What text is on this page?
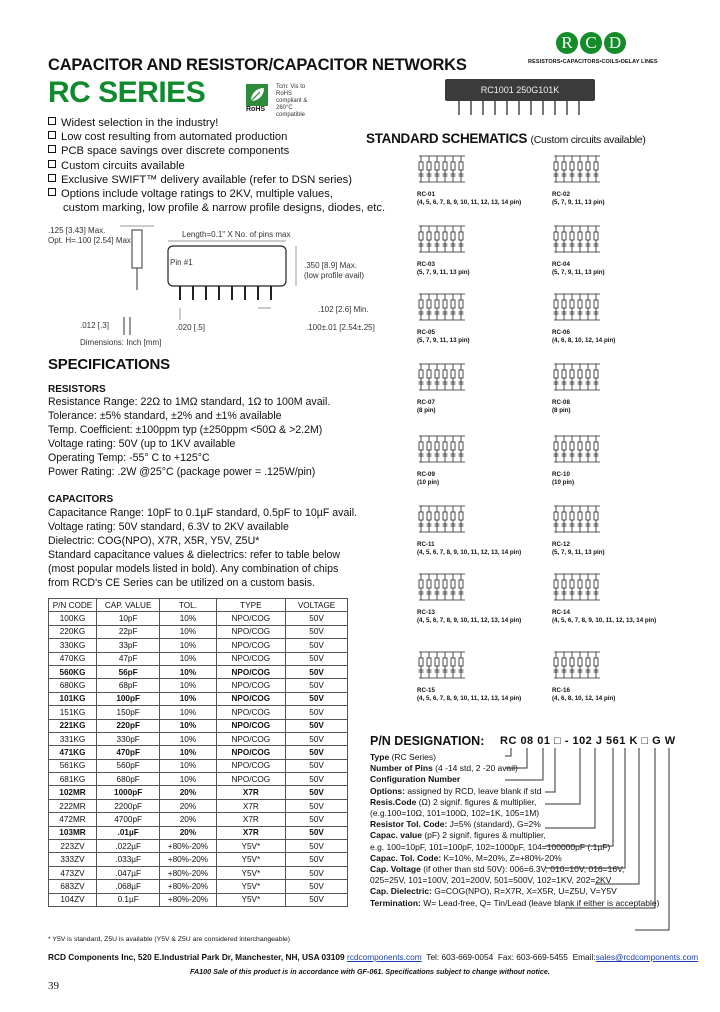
CAPACITOR AND RESISTOR/CAPACITOR NETWORKS
RC SERIES
RoHS
Tcm: Vis to RoHS compliant & 260°C compatible
R C D
RESISTORS•CAPACITORS•COILS•DELAY LINES
RC1001 250G101K
Widest selection in the industry!
Low cost resulting from automated production
PCB space savings over discrete components
Custom circuits available
Exclusive SWIFT™ delivery available (refer to DSN series)
Options include voltage ratings to 2KV, multiple values,
custom marking, low profile & narrow profile designs, diodes, etc.
.125 [3.43] Max.
Opt. H=.100 [2.54] Max.
Length=0.1" X No. of pins max
Pin #1	.350 [8.9] Max.
(low profile avail)
.102 [2.6] Min.
.020 [.5]	.100±.01 [2.54±.25]
.012 [.3]
Dimensions: Inch [mm]
SPECIFICATIONS
RESISTORS
Resistance Range: 22Ω to 1MΩ standard, 1Ω to 100M avail.
Tolerance: ±5% standard, ±2% and ±1% available
Temp. Coefficient: ±100ppm typ (±250ppm <50Ω & >2.2M)
Voltage rating: 50V (up to 1KV available
Operating Temp: -55° C to +125°C
Power Rating: .2W @25°C (package power = .125W/pin)
CAPACITORS
Capacitance Range: 10pF to 0.1µF standard, 0.5pF to 10µF avail.
Voltage rating: 50V standard, 6.3V to 2KV available
Dielectric: COG(NPO), X7R, X5R, Y5V, Z5U*
Standard capacitance values & dielectrics: refer to table below
(most popular models listed in bold). Any combination of chips
from RCD's CE Series can be utilized on a custom basis.
P/N CODE	CAP. VALUE	TOL.	TYPE	VOLTAGE
100KG	10pF	10%	NPO/COG	50V
220KG	22pF	10%	NPO/COG	50V
330KG	33pF	10%	NPO/COG	50V
470KG	47pF	10%	NPO/COG	50V
560KG	56pF	10%	NPO/COG	50V
680KG	68pF	10%	NPO/COG	50V
101KG	100pF	10%	NPO/COG	50V
151KG	150pF	10%	NPO/COG	50V
221KG	220pF	10%	NPO/COG	50V
331KG	330pF	10%	NPO/COG	50V
471KG	470pF	10%	NPO/COG	50V
561KG	560pF	10%	NPO/COG	50V
681KG	680pF	10%	NPO/COG	50V
102MR	1000pF	20%	X7R	50V
222MR	2200pF	20%	X7R	50V
472MR	4700pF	20%	X7R	50V
103MR	.01µF	20%	X7R	50V
223ZV	.022µF	+80%-20%	Y5V*	50V
333ZV	.033µF	+80%-20%	Y5V*	50V
473ZV	.047µF	+80%-20%	Y5V*	50V
683ZV	.068µF	+80%-20%	Y5V*	50V
104ZV	0.1µF	+80%-20%	Y5V*	50V
* Y5V is standard, Z5U is available (Y5V & Z5U are considered interchangeable)
RCD Components Inc, 520 E.Industrial Park Dr, Manchester, NH, USA 03109 rcdcomponents.com Tel: 603-669-0054 Fax: 603-669-5455 Email:sales@rcdcomponents.com
FA100 Sale of this product is in accordance with GF-061. Specifications subject to change without notice.
39
STANDARD SCHEMATICS (Custom circuits available)
RC-01
(4, 5, 6, 7, 8, 9, 10, 11, 12, 13, 14 pin)
RC-02
(5, 7, 9, 11, 13 pin)
RC-03
(5, 7, 9, 11, 13 pin)
RC-04
(5, 7, 9, 11, 13 pin)
RC-05
(5, 7, 9, 11, 13 pin)
RC-06
(4, 6, 8, 10, 12, 14 pin)
RC-07
(8 pin)
RC-08
(8 pin)
RC-09
(10 pin)
RC-10
(10 pin)
RC-11
(4, 5, 6, 7, 8, 9, 10, 11, 12, 13, 14 pin)
RC-12
(5, 7, 9, 11, 13 pin)
RC-13
(4, 5, 6, 7, 8, 9, 10, 11, 12, 13, 14 pin)
RC-14
(4, 5, 6, 7, 8, 9, 10, 11, 12, 13, 14 pin)
RC-15
(4, 5, 6, 7, 8, 9, 10, 11, 12, 13, 14 pin)
RC-16
(4, 6, 8, 10, 12, 14 pin)
P/N DESIGNATION: RC 08 01 □ - 102 J 561 K □ G W
Type (RC Series)
Number of Pins (4 -14 std, 2 -20 avail)
Configuration Number
Options: assigned by RCD, leave blank if std
Resis.Code (Ω) 2 signif. figures & multiplier,
(e.g.100=10Ω, 101=100Ω, 102=1K, 105=1M)
Resistor Tol. Code: J=5% (standard), G=2%
Capac. value (pF) 2 signif. figures & multiplier,
e.g. 100=10pF, 101=100pF, 102=1000pF, 104=100000pF (.1µF)
Capac. Tol. Code: K=10%, M=20%, Z=+80%-20%
Cap. Voltage (if other than std 50V): 006=6.3V, 010=10V, 016=16V,
025=25V, 101=100V, 201=200V, 501=500V, 102=1KV, 202=2KV
Cap. Dielectric: G=COG(NPO), R=X7R, X=X5R, U=Z5U, V=Y5V
Termination: W= Lead-free, Q= Tin/Lead (leave blank if either is acceptable)
